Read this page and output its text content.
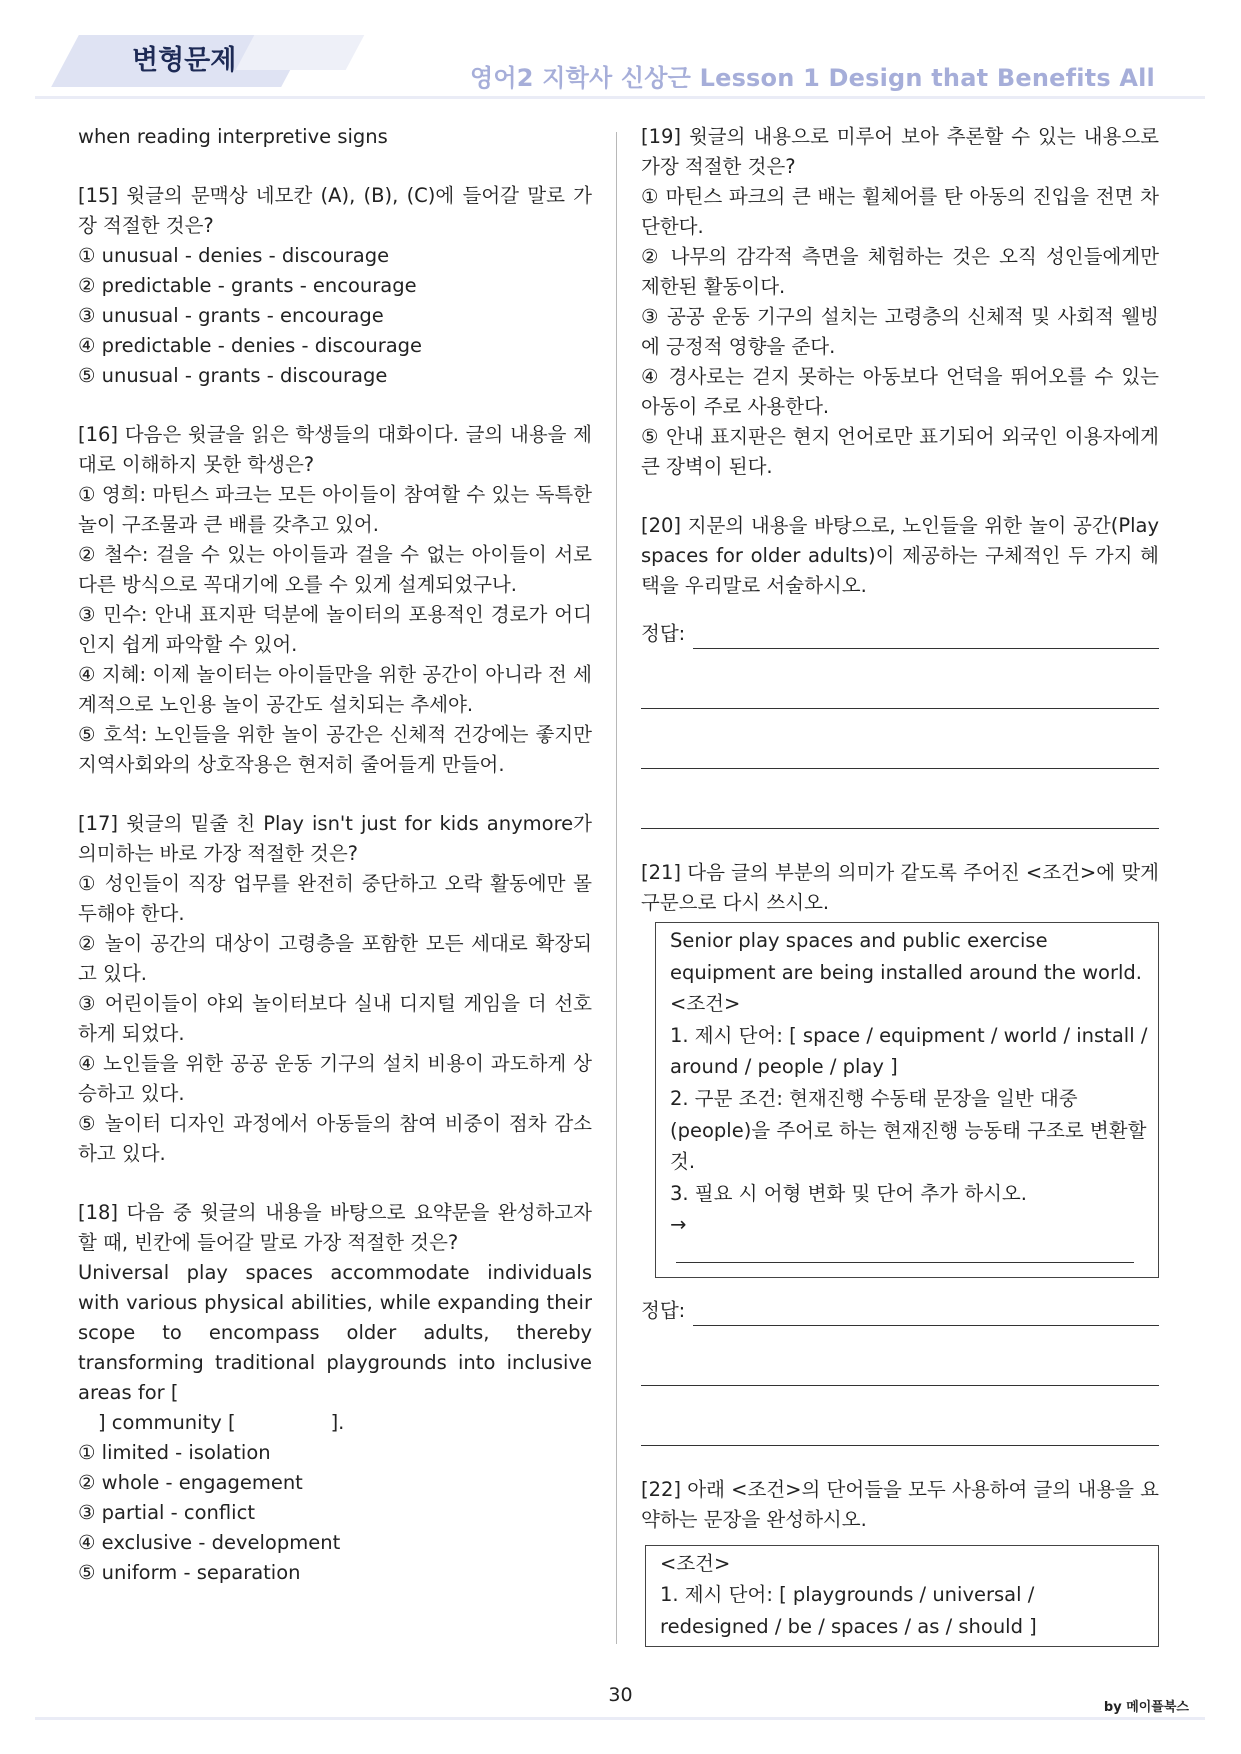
변형문제
영어2 지학사 신상근 Lesson 1 Design that Benefits All

when reading interpretive signs

[15] 윗글의 문맥상 네모칸 (A), (B), (C)에 들어갈 말로 가장 적절한 것은?

① unusual - denies - discourage

② predictable - grants - encourage

③ unusual - grants - encourage

④ predictable - denies - discourage

⑤ unusual - grants - discourage

[16] 다음은 윗글을 읽은 학생들의 대화이다. 글의 내용을 제대로 이해하지 못한 학생은?

① 영희: 마틴스 파크는 모든 아이들이 참여할 수 있는 독특한 놀이 구조물과 큰 배를 갖추고 있어.

② 철수: 걸을 수 있는 아이들과 걸을 수 없는 아이들이 서로 다른 방식으로 꼭대기에 오를 수 있게 설계되었구나.

③ 민수: 안내 표지판 덕분에 놀이터의 포용적인 경로가 어디인지 쉽게 파악할 수 있어.

④ 지혜: 이제 놀이터는 아이들만을 위한 공간이 아니라 전 세계적으로 노인용 놀이 공간도 설치되는 추세야.

⑤ 호석: 노인들을 위한 놀이 공간은 신체적 건강에는 좋지만 지역사회와의 상호작용은 현저히 줄어들게 만들어.

[17] 윗글의 밑줄 친 Play isn't just for kids anymore가 의미하는 바로 가장 적절한 것은?

① 성인들이 직장 업무를 완전히 중단하고 오락 활동에만 몰두해야 한다.

② 놀이 공간의 대상이 고령층을 포함한 모든 세대로 확장되고 있다.

③ 어린이들이 야외 놀이터보다 실내 디지털 게임을 더 선호하게 되었다.

④ 노인들을 위한 공공 운동 기구의 설치 비용이 과도하게 상승하고 있다.

⑤ 놀이터 디자인 과정에서 아동들의 참여 비중이 점차 감소하고 있다.

[18] 다음 중 윗글의 내용을 바탕으로 요약문을 완성하고자 할 때, 빈칸에 들어갈 말로 가장 적절한 것은?

Universal play spaces accommodate individuals with various physical abilities, while expanding their scope to encompass older adults, thereby transforming traditional playgrounds into inclusive areas for [
] community [	].

① limited - isolation

② whole - engagement

③ partial - conflict

④ exclusive - development

⑤ uniform - separation

[19] 윗글의 내용으로 미루어 보아 추론할 수 있는 내용으로 가장 적절한 것은?

① 마틴스 파크의 큰 배는 휠체어를 탄 아동의 진입을 전면 차단한다.

② 나무의 감각적 측면을 체험하는 것은 오직 성인들에게만 제한된 활동이다.

③ 공공 운동 기구의 설치는 고령층의 신체적 및 사회적 웰빙에 긍정적 영향을 준다.

④ 경사로는 걷지 못하는 아동보다 언덕을 뛰어오를 수 있는 아동이 주로 사용한다.

⑤ 안내 표지판은 현지 언어로만 표기되어 외국인 이용자에게 큰 장벽이 된다.

[20] 지문의 내용을 바탕으로, 노인들을 위한 놀이 공간(Play spaces for older adults)이 제공하는 구체적인 두 가지 혜택을 우리말로 서술하시오.

정답:

[21] 다음 글의 부분의 의미가 같도록 주어진 <조건>에 맞게 구문으로 다시 쓰시오.

Senior play spaces and public exercise equipment are being installed around the world.
<조건>
1. 제시 단어: [ space / equipment / world / install / around / people / play ]
2. 구문 조건: 현재진행 수동태 문장을 일반 대중(people)을 주어로 하는 현재진행 능동태 구조로 변환할 것.
3. 필요 시 어형 변화 및 단어 추가 하시오.
→
정답:

[22] 아래 <조건>의 단어들을 모두 사용하여 글의 내용을 요약하는 문장을 완성하시오.

<조건>
1. 제시 단어: [ playgrounds / universal / redesigned / be / spaces / as / should ]
30
by 메이플북스
